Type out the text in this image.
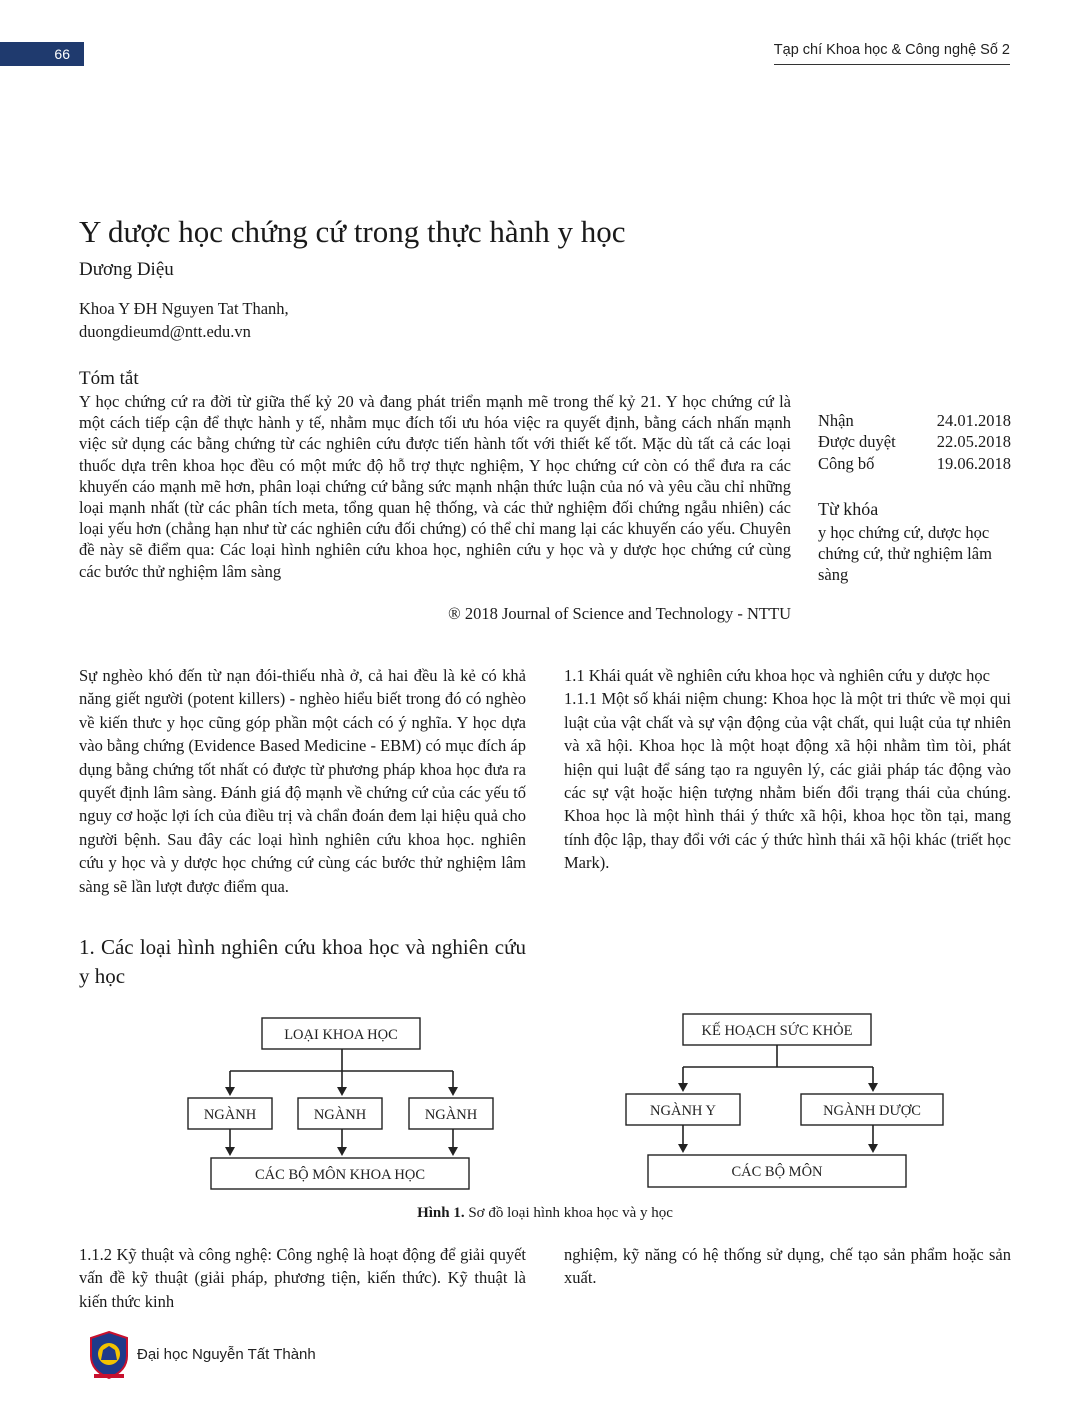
66	Tạp chí Khoa học & Công nghệ Số 2
Y dược học chứng cứ trong thực hành y học
Dương Diệu
Khoa Y ĐH Nguyen Tat Thanh,
duongdieumd@ntt.edu.vn
Tóm tắt
Y học chứng cứ ra đời từ giữa thế kỷ 20 và đang phát triển mạnh mẽ trong thế kỷ 21. Y học chứng cứ là một cách tiếp cận để thực hành y tế, nhằm mục đích tối ưu hóa việc ra quyết định, bằng cách nhấn mạnh việc sử dụng các bằng chứng từ các nghiên cứu được tiến hành tốt với thiết kế tốt. Mặc dù tất cả các loại thuốc dựa trên khoa học đều có một mức độ hỗ trợ thực nghiệm, Y học chứng cứ còn có thể đưa ra các khuyến cáo mạnh mẽ hơn, phân loại chứng cứ bằng sức mạnh nhận thức luận của nó và yêu cầu chỉ những loại mạnh nhất (từ các phân tích meta, tổng quan hệ thống, và các thử nghiệm đối chứng ngẫu nhiên) các loại yếu hơn (chẳng hạn như từ các nghiên cứu đối chứng) có thể chỉ mang lại các khuyến cáo yếu. Chuyên đề này sẽ điểm qua: Các loại hình nghiên cứu khoa học, nghiên cứu y học và y dược học chứng cứ cùng các bước thử nghiệm lâm sàng
® 2018 Journal of Science and Technology - NTTU
Nhận	24.01.2018
Được duyệt 22.05.2018
Công bố	19.06.2018
Từ khóa
y học chứng cứ, dược học chứng cứ, thử nghiệm lâm sàng
Sự nghèo khó đến từ nạn đói-thiếu nhà ở, cả hai đều là kẻ có khả năng giết người (potent killers) - nghèo hiểu biết trong đó có nghèo về kiến thưc y học cũng góp phần một cách có ý nghĩa. Y học dựa vào bằng chứng (Evidence Based Medicine - EBM) có mục đích áp dụng bằng chứng tốt nhất có được từ phương pháp khoa học đưa ra quyết định lâm sàng. Đánh giá độ mạnh về chứng cứ của các yếu tố nguy cơ hoặc lợi ích của điều trị và chẩn đoán đem lại hiệu quả cho người bệnh. Sau đây các loại hình nghiên cứu khoa học. nghiên cứu y học và y dược học chứng cứ cùng các bước thử nghiệm lâm sàng sẽ lần lượt được điểm qua.
1.1 Khái quát về nghiên cứu khoa học và nghiên cứu y dược học
1.1.1 Một số khái niệm chung: Khoa học là một tri thức về mọi qui luật của vật chất và sự vận động của vật chất, qui luật của tự nhiên và xã hội. Khoa học là một hoạt động xã hội nhằm tìm tòi, phát hiện qui luật để sáng tạo ra nguyên lý, các giải pháp tác động vào các sự vật hoặc hiện tượng nhằm biến đổi trạng thái của chúng. Khoa học là một hình thái ý thức xã hội, khoa học tồn tại, mang tính độc lập, thay đổi với các ý thức hình thái xã hội khác (triết học Mark).
1. Các loại hình nghiên cứu khoa học và nghiên cứu y học
LOẠI KHOA HỌC
NGÀNH	NGÀNH	NGÀNH
CÁC BỘ MÔN KHOA HỌC
KẾ HOẠCH SỨC KHỎE
NGÀNH Y	NGÀNH DƯỢC
CÁC BỘ MÔN
Hình 1. Sơ đồ loại hình khoa học và y học
1.1.2 Kỹ thuật và công nghệ: Công nghệ là hoạt động để giải quyết vấn đề kỹ thuật (giải pháp, phương tiện, kiến thức). Kỹ thuật là kiến thức kinh
nghiệm, kỹ năng có hệ thống sử dụng, chế tạo sản phẩm hoặc sản xuất.
Đại học Nguyễn Tất Thành
